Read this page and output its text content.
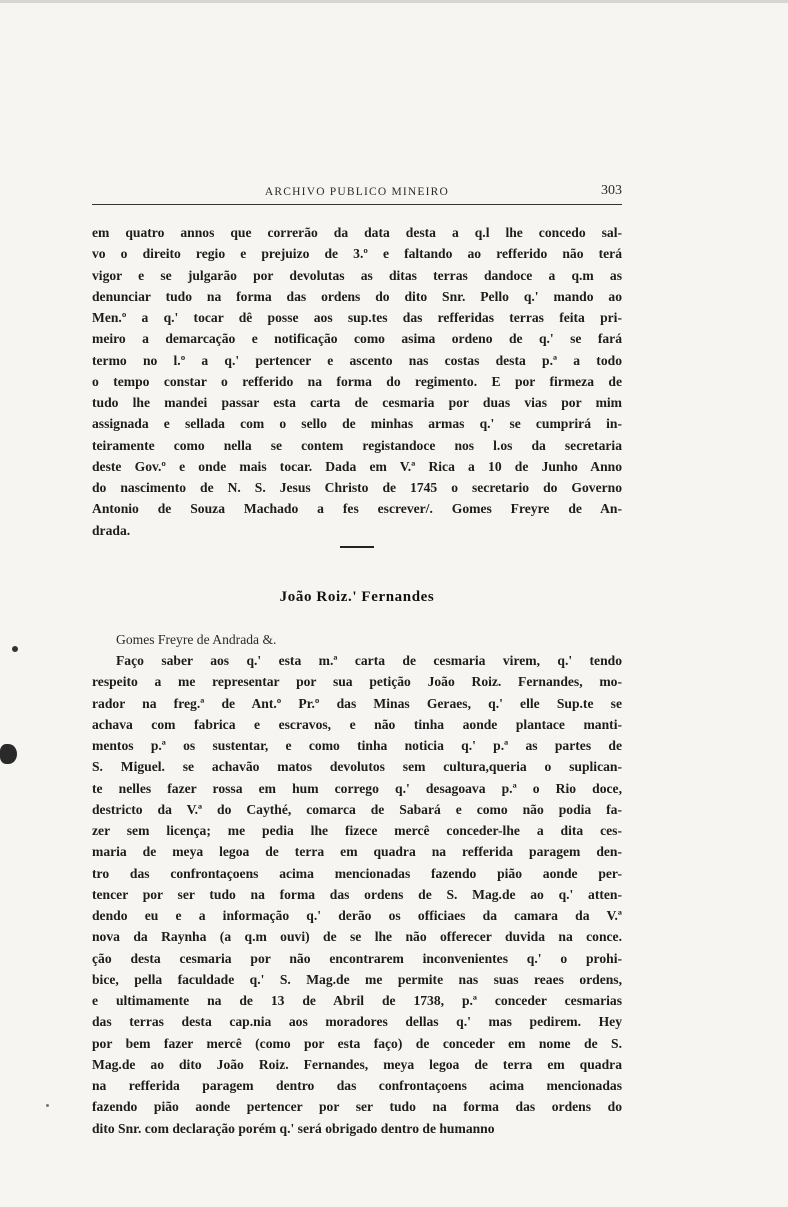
ARCHIVO PUBLICO MINEIRO	303
em quatro annos que correrão da data desta a q.l lhe concedo sal-
vo o direito regio e prejuizo de 3.º e faltando ao refferido não terá
vigor e se julgarão por devolutas as ditas terras dandoce a q.m as
denunciar tudo na forma das ordens do dito Snr. Pello q.' mando ao
Men.º a q.' tocar dê posse aos sup.tes das refferidas terras feita pri-
meiro a demarcação e notificação como asima ordeno de q.' se fará
termo no l.º a q.' pertencer e ascento nas costas desta p.ª a todo
o tempo constar o refferido na forma do regimento. E por firmeza de
tudo lhe mandei passar esta carta de cesmaria por duas vias por mim
assignada e sellada com o sello de minhas armas q.' se cumprirá in-
teiramente como nella se contem registandoce nos l.os da secretaria
deste Gov.º e onde mais tocar. Dada em V.ª Rica a 10 de Junho Anno
do nascimento de N. S. Jesus Christo de 1745 o secretario do Governo
Antonio de Souza Machado a fes escrever/. Gomes Freyre de An-
drada.
João Roiz.' Fernandes
Gomes Freyre de Andrada &.
Faço saber aos q.' esta m.ª carta de cesmaria virem, q.' tendo
respeito a me representar por sua petição João Roiz. Fernandes, mo-
rador na freg.ª de Ant.º Pr.º das Minas Geraes, q.' elle Sup.te se
achava com fabrica e escravos, e não tinha aonde plantace manti-
mentos p.ª os sustentar, e como tinha noticia q.' p.ª as partes de
S. Miguel. se achavão matos devolutos sem cultura,queria o suplican-
te nelles fazer rossa em hum corrego q.' desagoava p.ª o Rio doce,
destricto da V.ª do Caythé, comarca de Sabará e como não podia fa-
zer sem licença; me pedia lhe fizece mercê conceder-lhe a dita ces-
maria de meya legoa de terra em quadra na refferida paragem den-
tro das confrontaçoens acima mencionadas fazendo pião aonde per-
tencer por ser tudo na forma das ordens de S. Mag.de ao q.' atten-
dendo eu e a informação q.' derão os officiaes da camara da V.ª
nova da Raynha (a q.m ouvi) de se lhe não offerecer duvida na conce.
ção desta cesmaria por não encontrarem inconvenientes q.' o prohi-
bice, pella faculdade q.' S. Mag.de me permite nas suas reaes ordens,
e ultimamente na de 13 de Abril de 1738, p.ª conceder cesmarias
das terras desta cap.nia aos moradores dellas q.' mas pedirem. Hey
por bem fazer mercê (como por esta faço) de conceder em nome de S.
Mag.de ao dito João Roiz. Fernandes, meya legoa de terra em quadra
na refferida paragem dentro das confrontaçoens acima mencionadas
fazendo pião aonde pertencer por ser tudo na forma das ordens do
dito Snr. com declaração porém q.' será obrigado dentro de humanno
